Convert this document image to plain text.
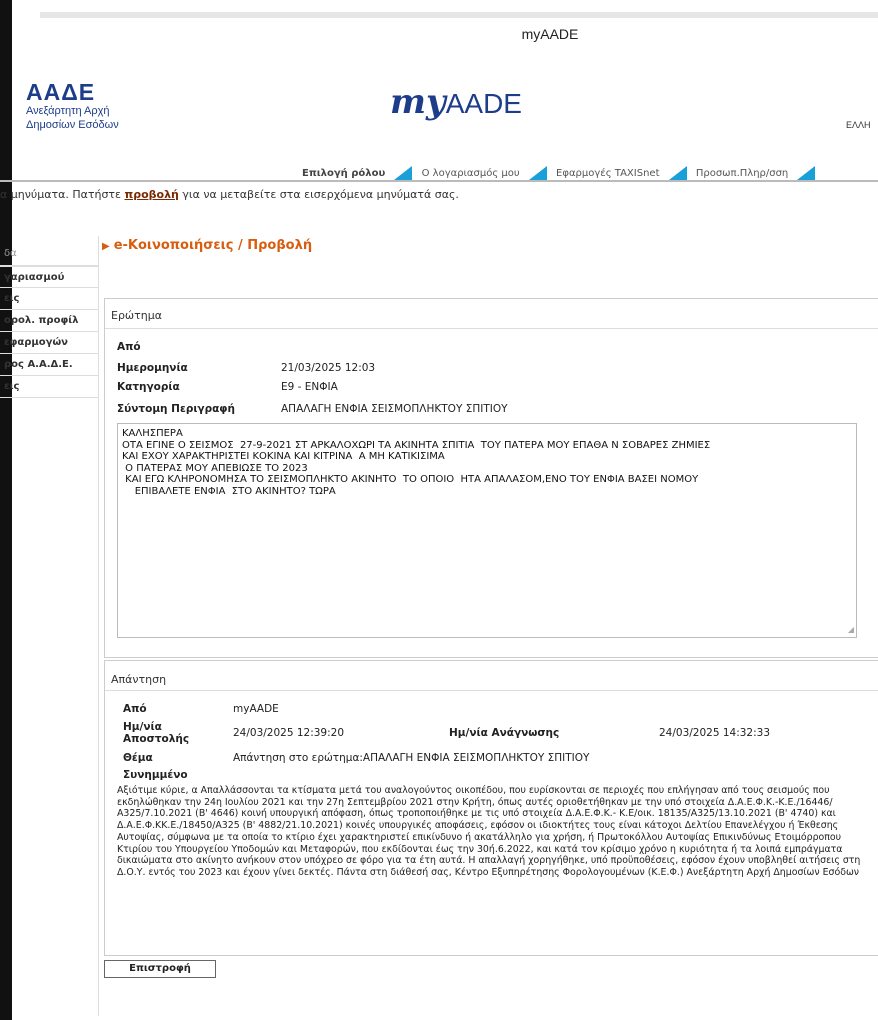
myAADE
ΑΑΔΕ
Ανεξάρτητη Αρχή
Δημοσίων Εσόδων
myAADE
ΕΛΛΗ
Επιλογή ρόλου	Ο λογαριασμός μου	Εφαρμογές TAXISnet	Προσωπ.Πληρ/σση
α μηνύματα. Πατήστε προβολή για να μεταβείτε στα εισερχόμενα μηνύματά σας.
δα
γαριασμού
εις
ορολ. προφίλ
εφαρμογών
ρος Α.Α.Δ.Ε.
εις
▶ e-Κοινοποιήσεις / Προβολή
Ερώτημα
Από
Ημερομηνία	21/03/2025 12:03
Κατηγορία	Ε9 - ΕΝΦΙΑ
Σύντομη Περιγραφή	ΑΠΑΛΑΓΗ ΕΝΦΙΑ ΣΕΙΣΜΟΠΛΗΚΤΟΥ ΣΠΙΤΙΟΥ
ΚΑΛΗΣΠΕΡΑ
ΟΤΑ ΕΓΙΝΕ Ο ΣΕΙΣΜΟΣ  27-9-2021 ΣΤ ΑΡΚΑΛΟΧΩΡΙ ΤΑ ΑΚΙΝΗΤΑ ΣΠΙΤΙΑ  ΤΟΥ ΠΑΤΕΡΑ ΜΟΥ ΕΠΑΘΑ Ν ΣΟΒΑΡΕΣ ΖΗΜΙΕΣ
ΚΑΙ ΕΧΟΥ ΧΑΡΑΚΤΗΡΙΣΤΕΙ ΚΟΚΙΝΑ ΚΑΙ ΚΙΤΡΙΝΑ  Α ΜΗ ΚΑΤΙΚΙΣΙΜΑ
Ο ΠΑΤΕΡΑΣ ΜΟΥ ΑΠΕΒΙΩΣΕ ΤΟ 2023
ΚΑΙ ΕΓΩ ΚΛΗΡΟΝΟΜΗΣΑ ΤΟ ΣΕΙΣΜΟΠΛΗΚΤΟ ΑΚΙΝΗΤΟ  ΤΟ ΟΠΟΙΟ  ΗΤΑ ΑΠΑΛΑΣΟΜ,ΕΝΟ ΤΟΥ ΕΝΦΙΑ ΒΑΣΕΙ ΝΟΜΟΥ
ΕΠΙΒΑΛΕΤΕ ΕΝΦΙΑ  ΣΤΟ ΑΚΙΝΗΤΟ? ΤΩΡΑ
◢
Απάντηση
Από	myAADE
Ημ/νία
Αποστολής	24/03/2025 12:39:20	Ημ/νία Ανάγνωσης	24/03/2025 14:32:33
Θέμα	Απάντηση στο ερώτημα:ΑΠΑΛΑΓΗ ΕΝΦΙΑ ΣΕΙΣΜΟΠΛΗΚΤΟΥ ΣΠΙΤΙΟΥ
Συνημμένο
Αξιότιμε κύριε, α Απαλλάσσονται τα κτίσματα μετά του αναλογούντος οικοπέδου, που ευρίσκονται σε περιοχές που επλήγησαν από τους σεισμούς που εκδηλώθηκαν την 24η Ιουλίου 2021 και την 27η Σεπτεμβρίου 2021 στην Κρήτη, όπως αυτές οριοθετήθηκαν με την υπό στοιχεία Δ.Α.Ε.Φ.Κ.-Κ.Ε./16446/ Α325/7.10.2021 (Β' 4646) κοινή υπουργική απόφαση, όπως τροποποιήθηκε με τις υπό στοιχεία Δ.Α.Ε.Φ.Κ.- Κ.Ε/οικ. 18135/Α325/13.10.2021 (Β' 4740) και Δ.Α.Ε.Φ.ΚΚ.Ε./18450/Α325 (Β' 4882/21.10.2021) κοινές υπουργικές αποφάσεις, εφόσον οι ιδιοκτήτες τους είναι κάτοχοι Δελτίου Επανελέγχου ή Έκθεσης Αυτοψίας, σύμφωνα με τα οποία το κτίριο έχει χαρακτηριστεί επικίνδυνο ή ακατάλληλο για χρήση, ή Πρωτοκόλλου Αυτοψίας Επικινδύνως Ετοιμόρροπου Κτιρίου του Υπουργείου Υποδομών και Μεταφορών, που εκδίδονται έως την 30ή.6.2022, και κατά τον κρίσιμο χρόνο η κυριότητα ή τα λοιπά εμπράγματα δικαιώματα στο ακίνητο ανήκουν στον υπόχρεο σε φόρο για τα έτη αυτά. Η απαλλαγή χορηγήθηκε, υπό προϋποθέσεις, εφόσον έχουν υποβληθεί αιτήσεις στη Δ.Ο.Υ. εντός του 2023 και έχουν γίνει δεκτές. Πάντα στη διάθεσή σας, Κέντρο Εξυπηρέτησης Φορολογουμένων (Κ.Ε.Φ.) Ανεξάρτητη Αρχή Δημοσίων Εσόδων
Επιστροφή
